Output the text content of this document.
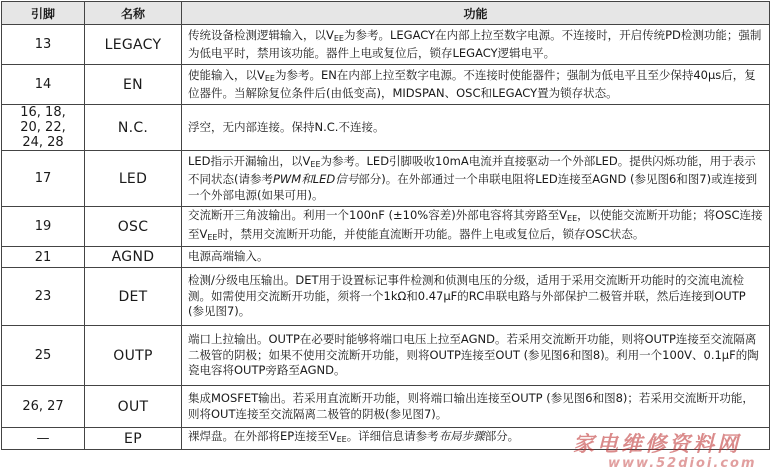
引脚	名称	功能
13	LEGACY	传统设备检测逻辑输入，以$V_{EE}$为参考。LEGACY在内部上拉至数字电源。不连接时，开启传统PD检测功能；强制为低电平时，禁用该功能。器件上电或复位后，锁存LEGACY逻辑电平。
14	EN	使能输入，以$V_{EE}$为参考。EN在内部上拉至数字电源。不连接时使能器件；强制为低电平且至少保持40µs后，复位器件。当解除复位条件后(由低变高)，MIDSPAN、OSC和LEGACY置为锁存状态。
16, 18, 20, 22, 24, 28	N.C.	浮空，无内部连接。保持N.C.不连接。
17	LED	LED指示开漏输出，以$V_{EE}$为参考。LED引脚吸收10mA电流并直接驱动一个外部LED。提供闪烁功能，用于表示不同状态(请参考PWM和LED信号部分)。在外部通过一个串联电阻将LED连接至AGND (参见图6和图7)或连接到一个外部电源(如果可用)。
19	OSC	交流断开三角波输出。利用一个100nF (±10%容差)外部电容将其旁路至$V_{EE}$，以使能交流断开功能；将OSC连接至$V_{EE}$时，禁用交流断开功能，并使能直流断开功能。器件上电或复位后，锁存OSC状态。
21	AGND	电源高端输入。
23	DET	检测/分级电压输出。DET用于设置标记事件检测和侦测电压的分级，适用于采用交流断开功能时的交流电流检测。如需使用交流断开功能，须将一个1kΩ和0.47µF的RC串联电路与外部保护二极管并联，然后连接到OUTP (参见图7)。
25	OUTP	端口上拉输出。OUTP在必要时能够将端口电压上拉至AGND。若采用交流断开功能，则将OUTP连接至交流隔离二极管的阴极；如果不使用交流断开功能，则将OUTP连接至OUT (参见图6和图8)。利用一个100V、0.1µF的陶瓷电容将OUTP旁路至AGND。
26, 27	OUT	集成MOSFET输出。若采用直流断开功能，则将端口输出连接至OUTP (参见图6和图8)；若采用交流断开功能，则将OUT连接至交流隔离二极管的阴极(参见图7)。
—	EP	裸焊盘。在外部将EP连接至$V_{EE}$。详细信息请参考布局步骤部分。	家电维修资料网
www.52dioi.com
